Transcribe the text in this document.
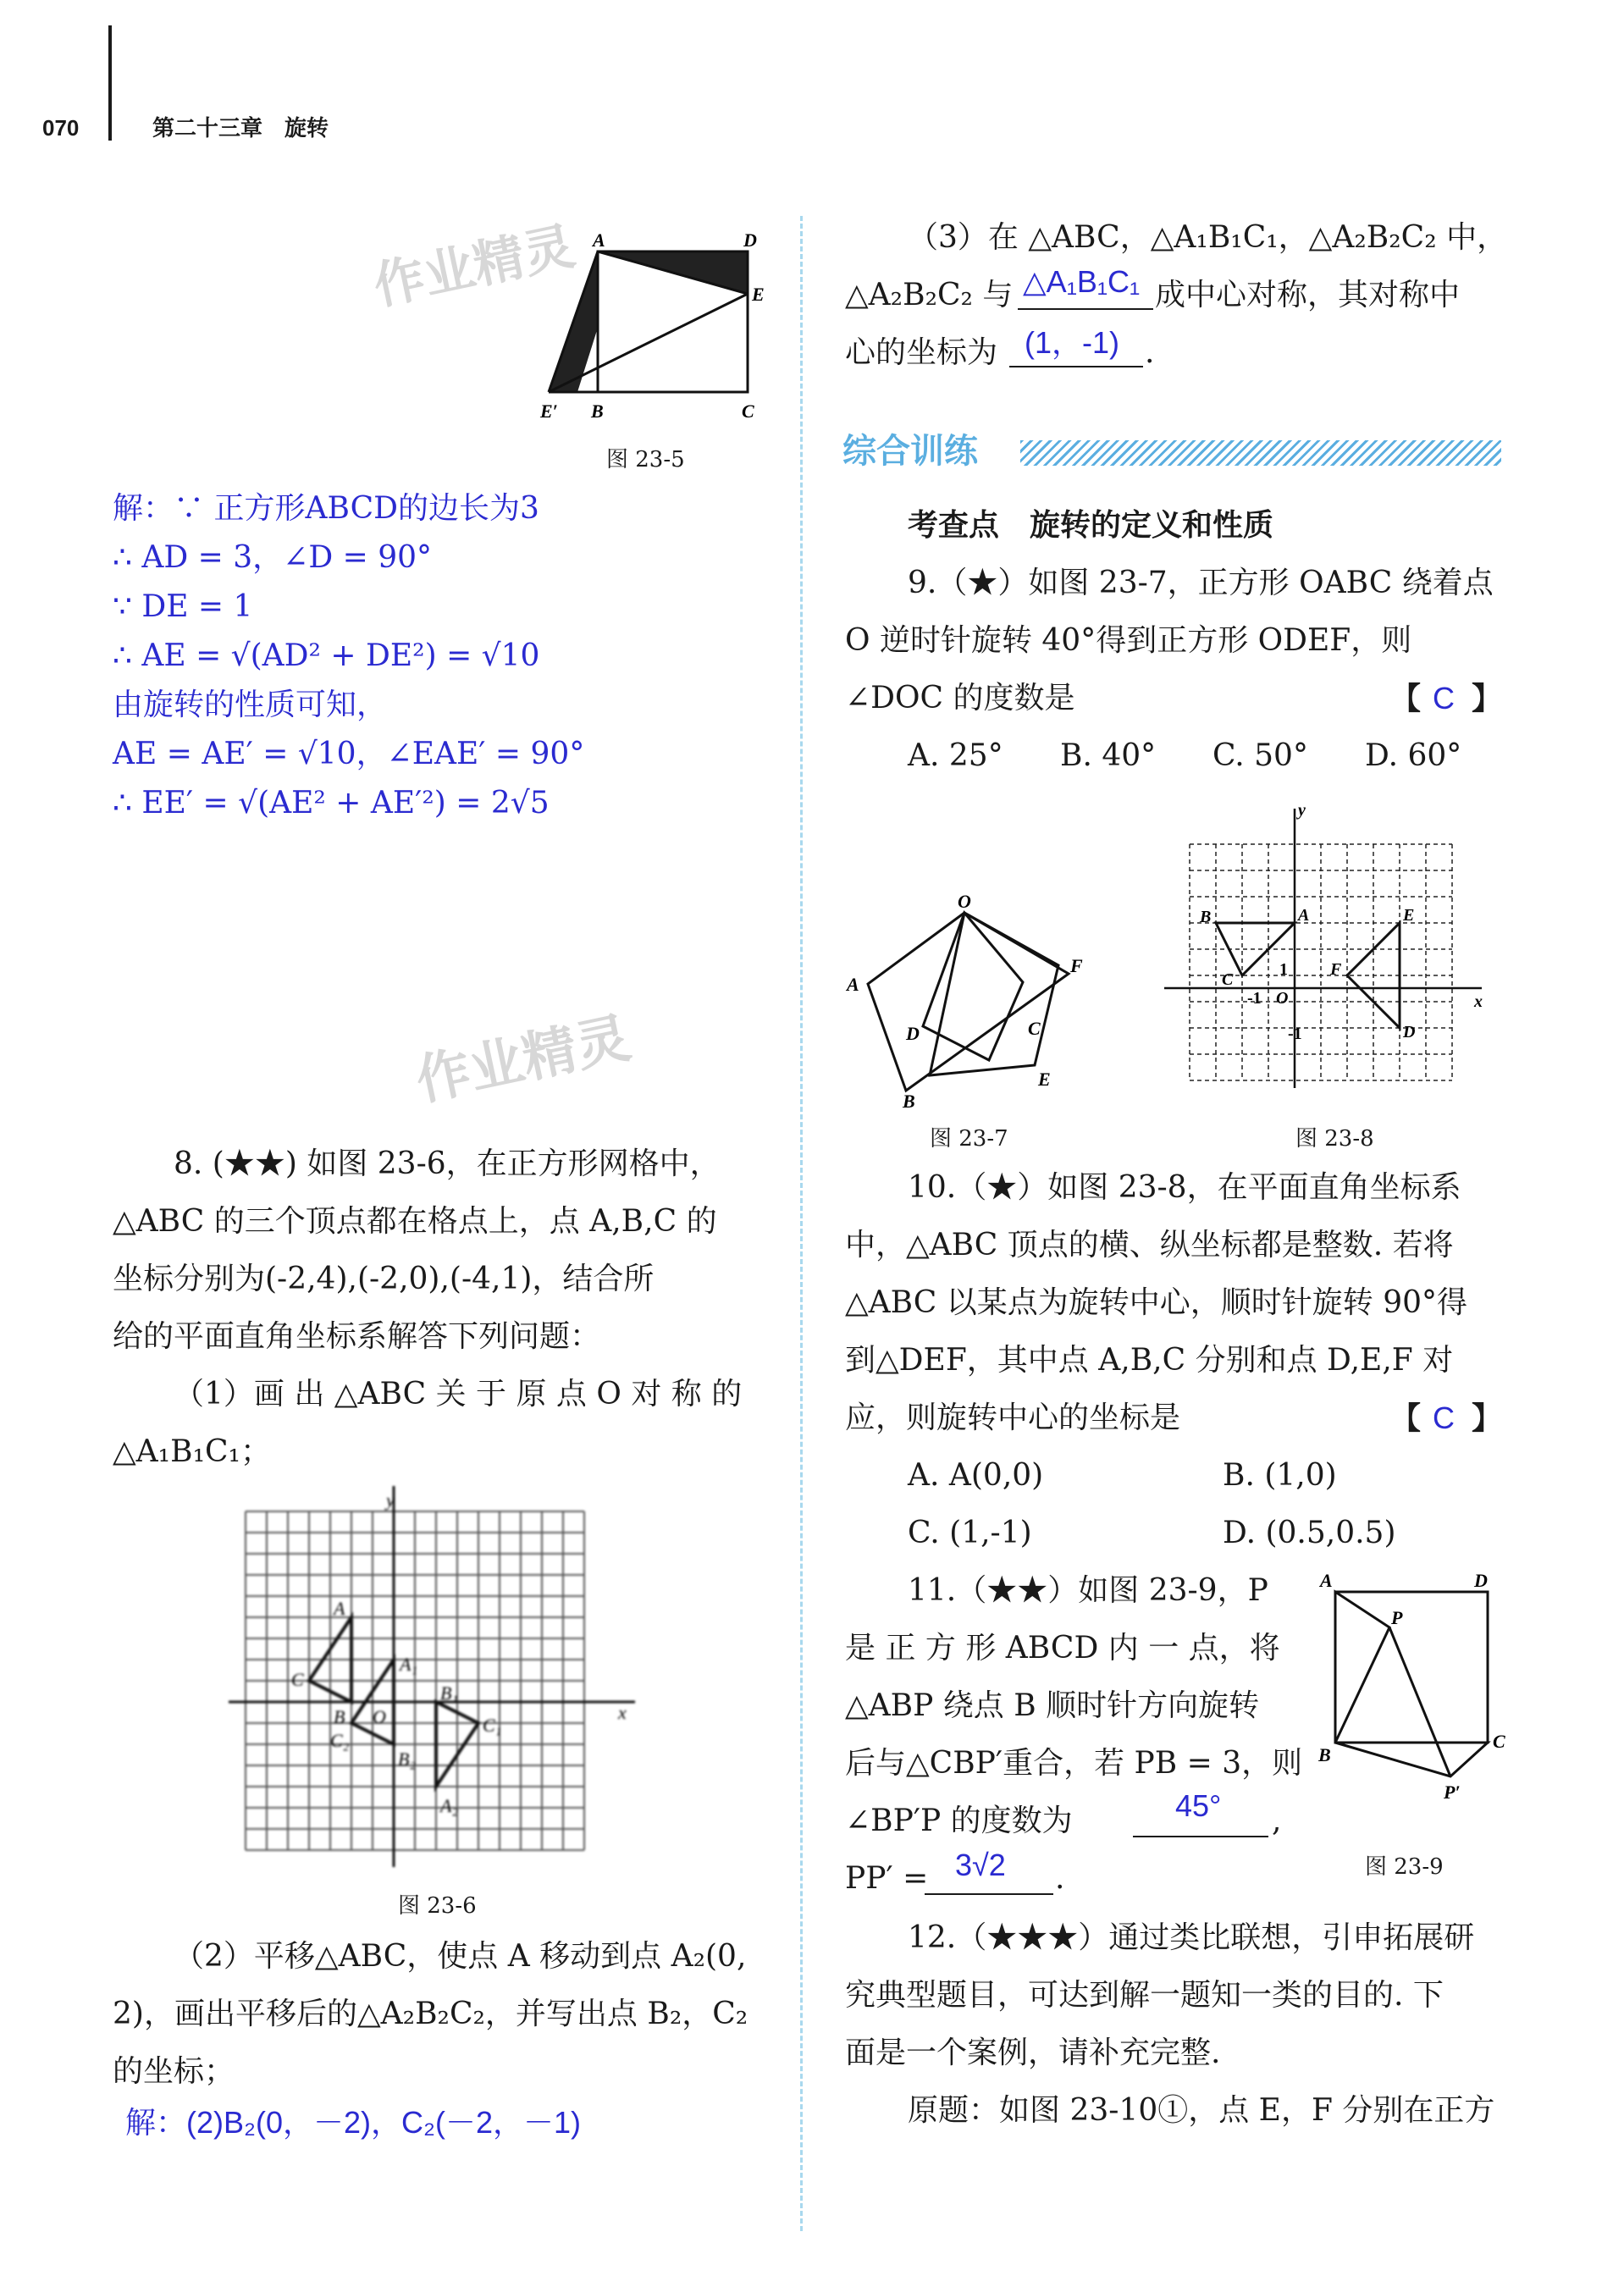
070	第二十三章　旋转
作业精灵
作业精灵
A	D
E
E′ B	C
图 23-5
解：∵ 正方形ABCD的边长为3
∴ AD = 3，∠D = 90°
∵ DE = 1
∴ AE = √(AD² + DE²) = √10
由旋转的性质可知，
AE = AE′ = √10，∠EAE′ = 90°
∴ EE′ = √(AE² + AE′²) = 2√5
8. (★★) 如图 23-6，在正方形网格中，
△ABC 的三个顶点都在格点上，点 A,B,C 的
坐标分别为(-2,4),(-2,0),(-4,1)，结合所
给的平面直角坐标系解答下列问题：
（1）画 出 △ABC 关 于 原 点 O 对 称 的
△A₁B₁C₁；
y
x
A
A₁
B₁
C
B O
C₂
C₁
B₂
A₂
图 23-6
（2）平移△ABC，使点 A 移动到点 A₂(0,
2)，画出平移后的△A₂B₂C₂，并写出点 B₂，C₂
的坐标；
解：(2)B₂(0，－2)，C₂(－2，－1)
（3）在 △ABC，△A₁B₁C₁，△A₂B₂C₂ 中，
△A₂B₂C₂ 与 △A₁B₁C₁ 成中心对称，其对称中
心的坐标为 (1，-1) .
综合训练
考查点　旋转的定义和性质
9.（★）如图 23-7，正方形 OABC 绕着点
O 逆时针旋转 40°得到正方形 ODEF，则
∠DOC 的度数是	【 C 】
A. 25° B. 40° C. 50° D. 60°
O
A
F
D	C
B
E
图 23-7
y
B	A	E
C
1	F
-1 O	x
-1	D
图 23-8
10.（★）如图 23-8，在平面直角坐标系
中，△ABC 顶点的横、纵坐标都是整数. 若将
△ABC 以某点为旋转中心，顺时针旋转 90°得
到△DEF，其中点 A,B,C 分别和点 D,E,F 对
应，则旋转中心的坐标是	【 C 】
A. A(0,0)	B. (1,0)
C. (1,-1)	D. (0.5,0.5)
11.（★★）如图 23-9，P
是 正 方 形 ABCD 内 一 点，将
△ABP 绕点 B 顺时针方向旋转
后与△CBP′重合，若 PB = 3，则
∠BP′P 的度数为	45° ,
PP′ = 3√2 .
A	D
P
B
C
P′
图 23-9
12.（★★★）通过类比联想，引申拓展研
究典型题目，可达到解一题知一类的目的. 下
面是一个案例，请补充完整.
原题：如图 23-10①，点 E，F 分别在正方
